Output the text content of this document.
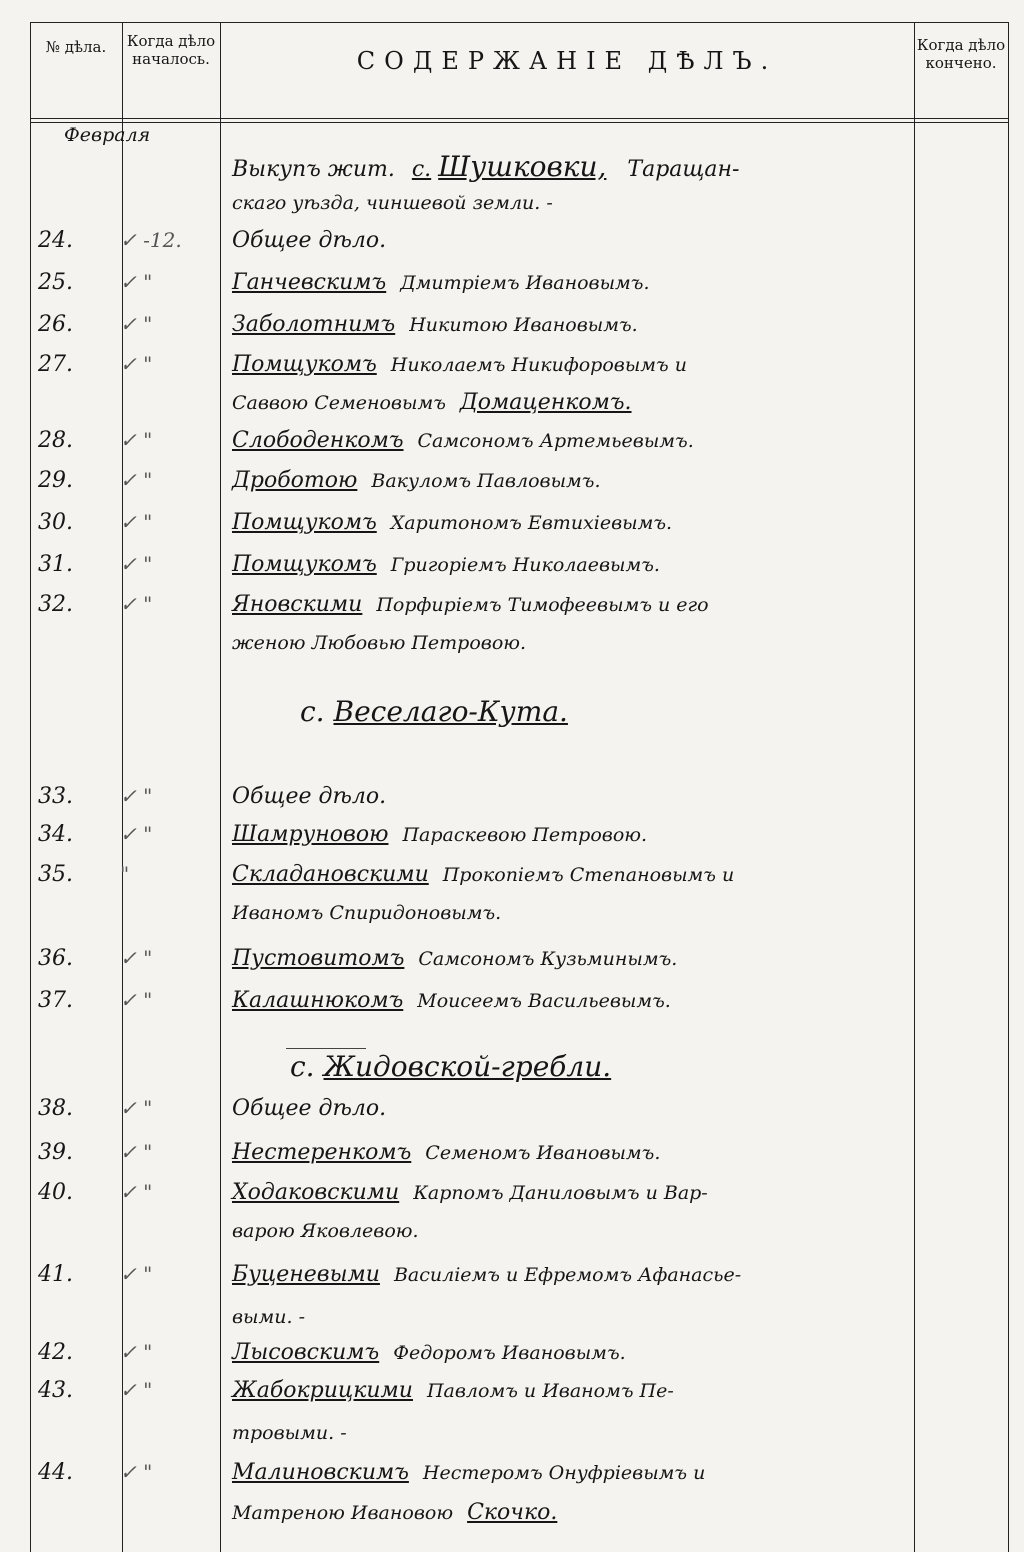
№ дѣла.	Когда дѣло началось.	СОДЕРЖАНІЕ ДѢЛЪ.
Когда дѣло кончено.
Февраля
Выкупъ жит. с. Шушковки, Таращан-
скаго уѣзда, чиншевой земли. -
24.	✓ -12.	Общее дѣло.
25.	✓ "	Ганчевскимъ Дмитріемъ Ивановымъ.
26.	✓ "	Заболотнимъ Никитою Ивановымъ.
27.	✓ "	Помщукомъ Николаемъ Никифоровымъ и
Саввою Семеновымъ Домаценкомъ.
28.	✓ "	Слободенкомъ Самсономъ Артемьевымъ.
29.	✓ "	Дроботою Вакуломъ Павловымъ.
30.	✓ "	Помщукомъ Харитономъ Евтихіевымъ.
31.	✓ "	Помщукомъ Григоріемъ Николаевымъ.
32.	✓ "	Яновскими Порфиріемъ Тимофеевымъ и его
женою Любовью Петровою.
с. Веселаго-Кута.
33.	✓ "	Общее дѣло.
34.	✓ "	Шамруновою Параскевою Петровою.
35.	"	Складановскими Прокопіемъ Степановымъ и
Иваномъ Спиридоновымъ.
36.	✓ "	Пустовитомъ Самсономъ Кузьминымъ.
37.	✓ "	Калашнюкомъ Моисеемъ Васильевымъ.
с. Жидовской-гребли.
38.	✓ "	Общее дѣло.
39.	✓ "	Нестеренкомъ Семеномъ Ивановымъ.
40.	✓ "	Ходаковскими Карпомъ Даниловымъ и Вар-
варою Яковлевою.
41.	✓ "	Буценевыми Василіемъ и Ефремомъ Афанасье-
выми. -
42.	✓ "	Лысовскимъ Федоромъ Ивановымъ.
43.	✓ "	Жабокрицкими Павломъ и Иваномъ Пе-
тровыми. -
44.	✓ "	Малиновскимъ Нестеромъ Онуфріевымъ и
Матреною Ивановою Скочко.
